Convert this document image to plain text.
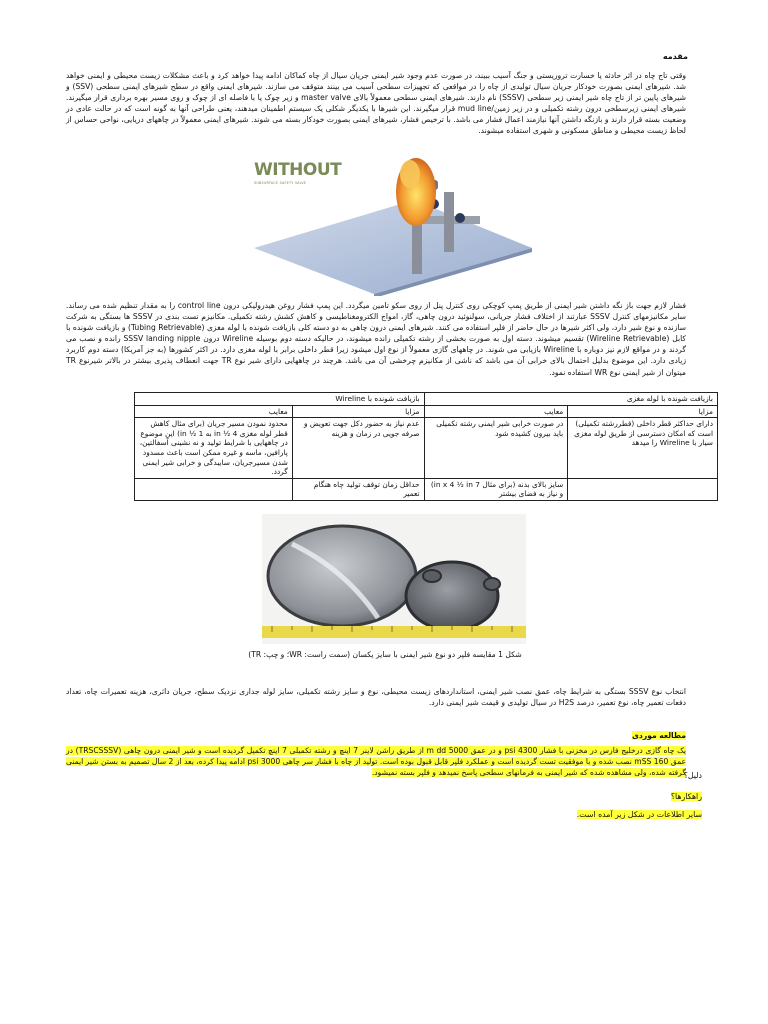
مقدمه
وقتی تاج چاه در اثر حادثه یا خسارت تروریستی و جنگ آسیب ببیند، در صورت عدم وجود شیر ایمنی جریان سیال از چاه کماکان ادامه پیدا خواهد کرد و باعث مشکلات زیست محیطی و ایمنی خواهد شد. شیرهای ایمنی بصورت خودکار جریان سیال تولیدی از چاه را در مواقعی که تجهیزات سطحی آسیب می بینند متوقف می سازند. شیرهای ایمنی واقع در سطح شیرهای ایمنی سطحی (SSV) و شیرهای پایین تر از تاج چاه شیر ایمنی زیر سطحی (SSSV) نام دارند. شیرهای ایمنی سطحی معمولاً بالای master valve و زیر چوک یا با فاصله ای از چوک و روی مسیر بهره برداری قرار میگیرند. شیرهای ایمنی زیرسطحی درون رشته تکمیلی و در زیر زمین/mud line قرار میگیرند. این شیرها با یکدیگر شکلی یک سیستم اطمینان میدهند، یعنی طراحی آنها به گونه است که در حالت عادی در وضعیت بسته قرار دارند و بازنگه داشتن آنها نیازمند اعمال فشار می باشد. با ترخیص فشار، شیرهای ایمنی بصورت خودکار بسته می شوند. شیرهای ایمنی معمولاً در چاههای دریایی، نواحی حساس از لحاظ زیست محیطی و مناطق مسکونی و شهری استفاده میشوند.
WITHOUT
SUBSURFACE SAFETY VALVE
فشار لازم جهت باز نگه داشتن شیر ایمنی از طریق پمپ کوچکی روی کنترل پنل از روی سکو تامین میگردد. این پمپ فشار روغن هیدرولیکی درون control line را به مقدار تنظیم شده می رساند. سایر مکانیزمهای کنترل SSSV عبارتند از اختلاف فشار جریانی، سولنوئید درون چاهی، گاز، امواج الکترومغناطیسی و کاهش کشش رشته تکمیلی. مکانیزم تست بندی در SSSV ها بستگی به شرکت سازنده و نوع شیر دارد، ولی اکثر شیرها در حال حاضر از فلپر استفاده می کنند. شیرهای ایمنی درون چاهی به دو دسته کلی بازیافت شونده با لوله مغزی (Tubing Retrievable) و بازیافت شونده با کابل (Wireline Retrievable) تقسیم میشوند. دسته اول به صورت بخشی از رشته تکمیلی رانده میشوند، در حالیکه دسته دوم بوسیله Wireline درون SSSV landing nipple رانده و نصب می گردند و در مواقع لازم نیز دوباره با Wireline بازیابی می شوند. در چاههای گازی معمولاً از نوع اول میشود زیرا قطر داخلی برابر با لوله مغزی دارد. در اکثر کشورها (به جز آمریکا) دسته دوم کاربرد زیادی دارد. این موضوع بدلیل احتمال بالای خرابی آن می باشد که ناشی از مکانیزم چرخشی آن می باشد. هرچند در چاههایی دارای شیر نوع TR جهت انعطاف پذیری بیشتر در بالاتر شیرنوع TR میتوان از شیر ایمنی نوع WR استفاده نمود.
بازیافت شونده با لوله مغزی		بازیافت شونده با Wireline	
مزایا	معایب	مزایا	معایب
دارای حداکثر قطر داخلی (قطررشته تکمیلی) است که امکان دسترسی از طریق لوله مغزی سیار با Wireline را میدهد	در صورت خرابی شیر ایمنی رشته تکمیلی باید بیرون کشیده شود	عدم نیاز به حضور دکل جهت تعویض و صرفه جویی در زمان و هزینه	محدود نمودن مسیر جریان (برای مثال کاهش قطر لوله مغزی 4 ½ in به 1 ½ in) این موضوع در چاههایی با شرایط تولید و نه نشینی آسفالتین، پارافین، ماسه و غیره ممکن است باعث مسدود شدن مسیرجریان، سایبدگی و خرابی شیر ایمنی گردد.
	سایز بالای بدنه (برای مثال 7 in x 4 ½ in) و نیاز به فضای بیشتر	حداقل زمان توقف تولید چاه هنگام تعمیر	
شکل 1 مقایسه فلپر دو نوع شیر ایمنی با سایز یکسان (سمت راست: WR؛ و چپ: TR)
انتخاب نوع SSSV بستگی به شرایط چاه، عمق نصب شیر ایمنی، استانداردهای زیست محیطی، نوع و سایز رشته تکمیلی، سایز لوله جداری نزدیک سطح، جریان دائری، هزینه تعمیرات چاه، تعداد دفعات تعمیر چاه، نوع تعمیر، درصد H2S در سیال تولیدی و قیمت شیر ایمنی دارد.
مطالعه موردی
یک چاه گازی درخلیج فارس در مخزنی با فشار 4300 psi و در عمق 5000 m dd از طریق راشن لاینر 7 اینچ و رشته تکمیلی 7 اینچ تکمیل گردیده است و شیر ایمنی درون چاهی (TRSCSSSV) در عمق 160 mSS نصب شده و با موفقیت تست گردیده است و عملکرد فلپر قابل قبول بوده است. تولید از چاه با فشار سر چاهی 3000 psi ادامه پیدا کرده، بعد از 2 سال تصمیم به بستن شیر ایمنی گرفته شده، ولی مشاهده شده که شیر ایمنی به فرمانهای سطحی پاسخ نمیدهد و فلپر بسته نمیشود.
دلیل؟
راهکارها؟
سایر اطلاعات در شکل زیر آمده است.
